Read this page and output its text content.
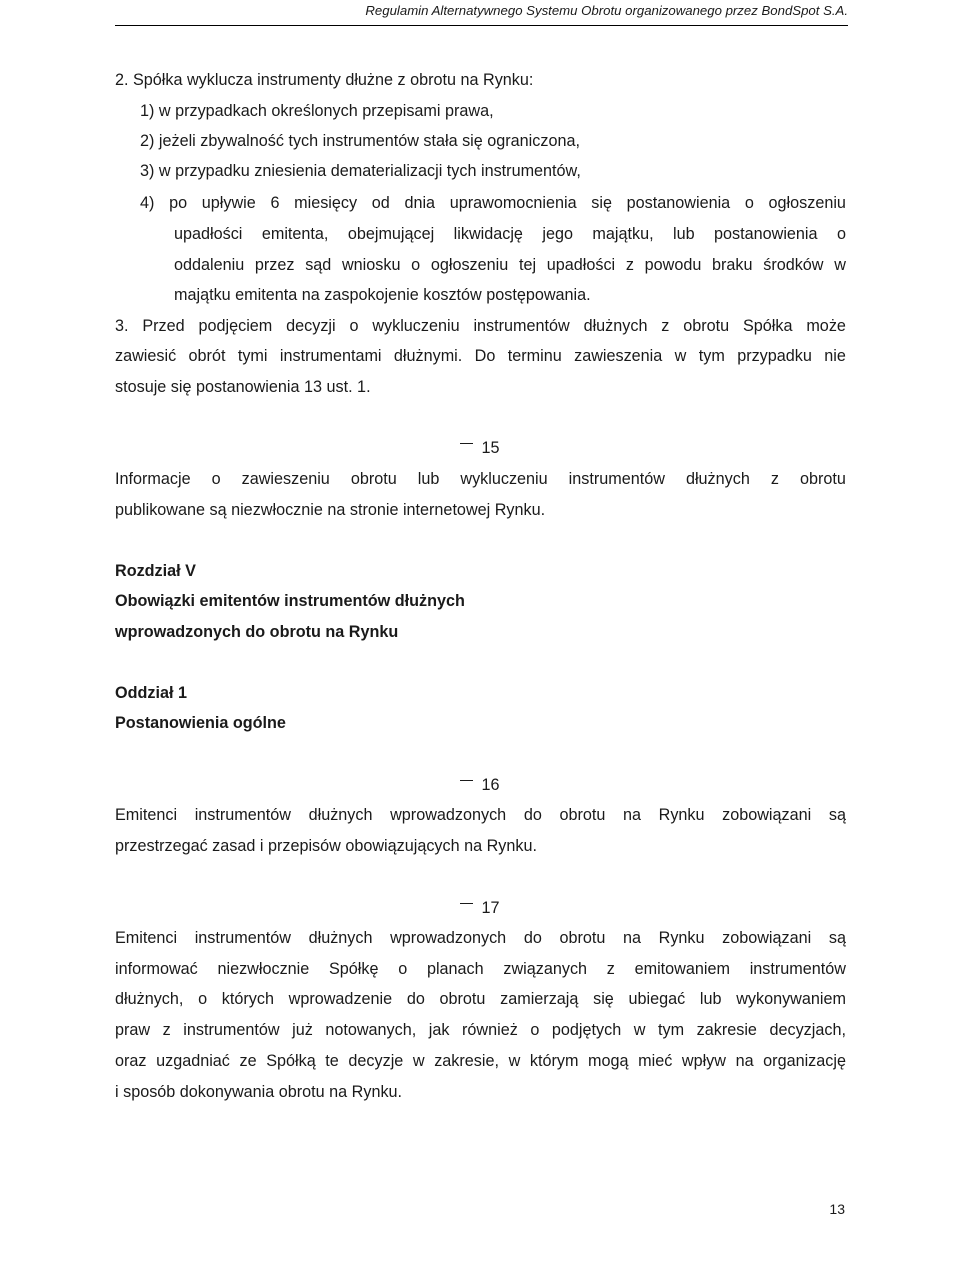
Regulamin Alternatywnego Systemu Obrotu organizowanego przez BondSpot S.A.
2. Spółka wyklucza instrumenty dłużne z obrotu na Rynku:
1) w przypadkach określonych przepisami prawa,
2) jeżeli zbywalność tych instrumentów stała się ograniczona,
3) w przypadku zniesienia dematerializacji tych instrumentów,
4) po upływie 6 miesięcy od dnia uprawomocnienia się postanowienia o ogłoszeniu
upadłości emitenta, obejmującej likwidację jego majątku, lub postanowienia o
oddaleniu przez sąd wniosku o ogłoszeniu tej upadłości z powodu braku środków w
majątku emitenta na zaspokojenie kosztów postępowania.
3. Przed podjęciem decyzji o wykluczeniu instrumentów dłużnych z obrotu Spółka może
zawiesić obrót tymi instrumentami dłużnymi. Do terminu zawieszenia w tym przypadku nie
stosuje się postanowienia 13 ust. 1.
15
Informacje o zawieszeniu obrotu lub wykluczeniu instrumentów dłużnych z obrotu
publikowane są niezwłocznie na stronie internetowej Rynku.
Rozdział V
Obowiązki emitentów instrumentów dłużnych
wprowadzonych do obrotu na Rynku
Oddział 1
Postanowienia ogólne
16
Emitenci instrumentów dłużnych wprowadzonych do obrotu na Rynku zobowiązani są
przestrzegać zasad i przepisów obowiązujących na Rynku.
17
Emitenci instrumentów dłużnych wprowadzonych do obrotu na Rynku zobowiązani są
informować niezwłocznie Spółkę o planach związanych z emitowaniem instrumentów
dłużnych, o których wprowadzenie do obrotu zamierzają się ubiegać lub wykonywaniem
praw z instrumentów już notowanych, jak również o podjętych w tym zakresie decyzjach,
oraz uzgadniać ze Spółką te decyzje w zakresie, w którym mogą mieć wpływ na organizację
i sposób dokonywania obrotu na Rynku.
13
